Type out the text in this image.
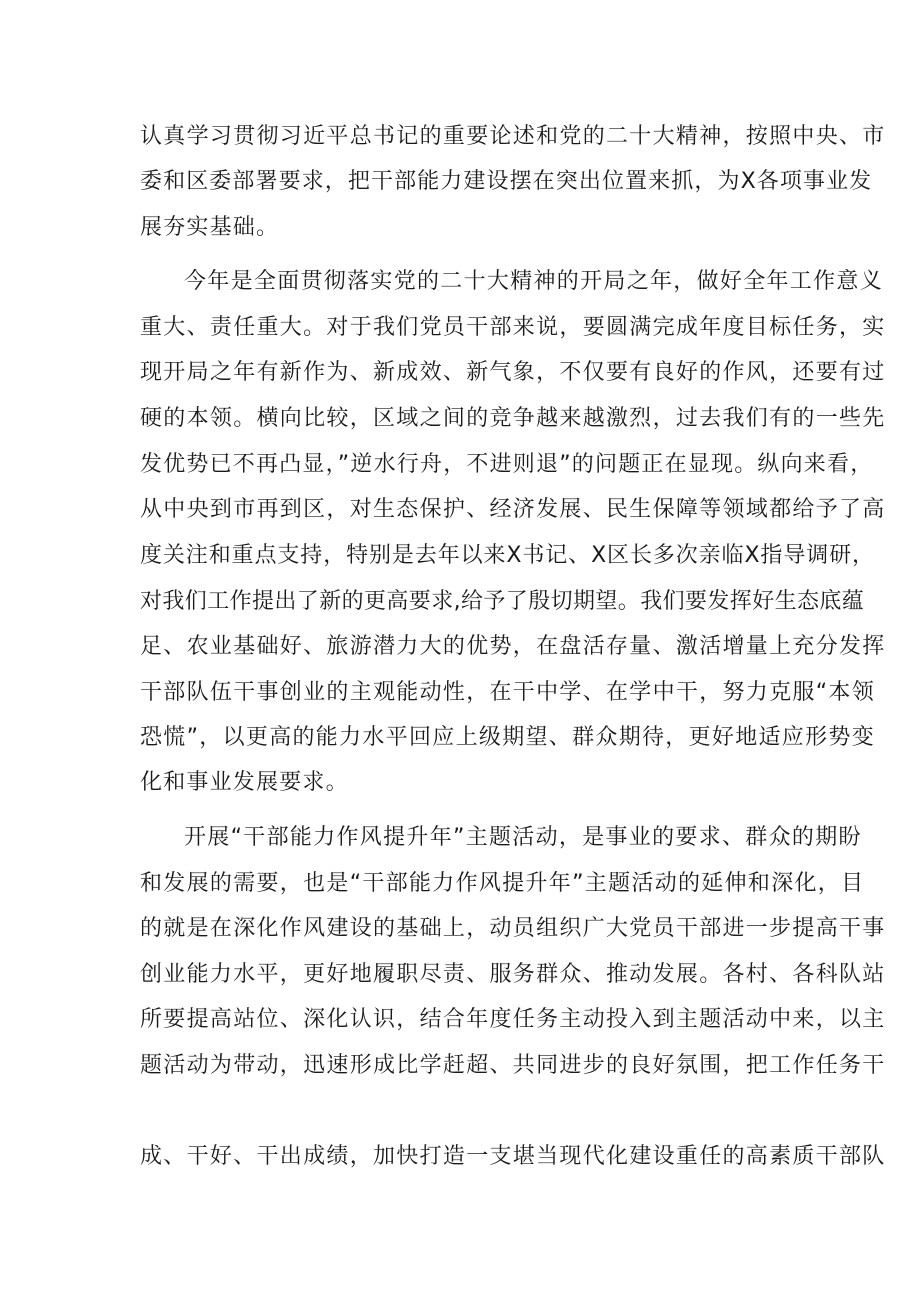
认真学习贯彻习近平总书记的重要论述和党的二十大精神，按照中央、市
委和区委部署要求，把干部能力建设摆在突出位置来抓，为X各项事业发
展夯实基础。
今年是全面贯彻落实党的二十大精神的开局之年，做好全年工作意义
重大、责任重大。对于我们党员干部来说，要圆满完成年度目标任务，实
现开局之年有新作为、新成效、新气象，不仅要有良好的作风，还要有过
硬的本领。横向比较，区域之间的竞争越来越激烈，过去我们有的一些先
发优势已不再凸显，”逆水行舟，不进则退”的问题正在显现。纵向来看，
从中央到市再到区，对生态保护、经济发展、民生保障等领域都给予了高
度关注和重点支持，特别是去年以来X书记、X区长多次亲临X指导调研，
对我们工作提出了新的更高要求,给予了殷切期望。我们要发挥好生态底蕴
足、农业基础好、旅游潜力大的优势，在盘活存量、激活增量上充分发挥
干部队伍干事创业的主观能动性，在干中学、在学中干，努力克服“本领
恐慌”，以更高的能力水平回应上级期望、群众期待，更好地适应形势变
化和事业发展要求。
开展“干部能力作风提升年”主题活动，是事业的要求、群众的期盼
和发展的需要，也是“干部能力作风提升年”主题活动的延伸和深化，目
的就是在深化作风建设的基础上，动员组织广大党员干部进一步提高干事
创业能力水平，更好地履职尽责、服务群众、推动发展。各村、各科队站
所要提高站位、深化认识，结合年度任务主动投入到主题活动中来，以主
题活动为带动，迅速形成比学赶超、共同进步的良好氛围，把工作任务干
成、干好、干出成绩，加快打造一支堪当现代化建设重任的高素质干部队
